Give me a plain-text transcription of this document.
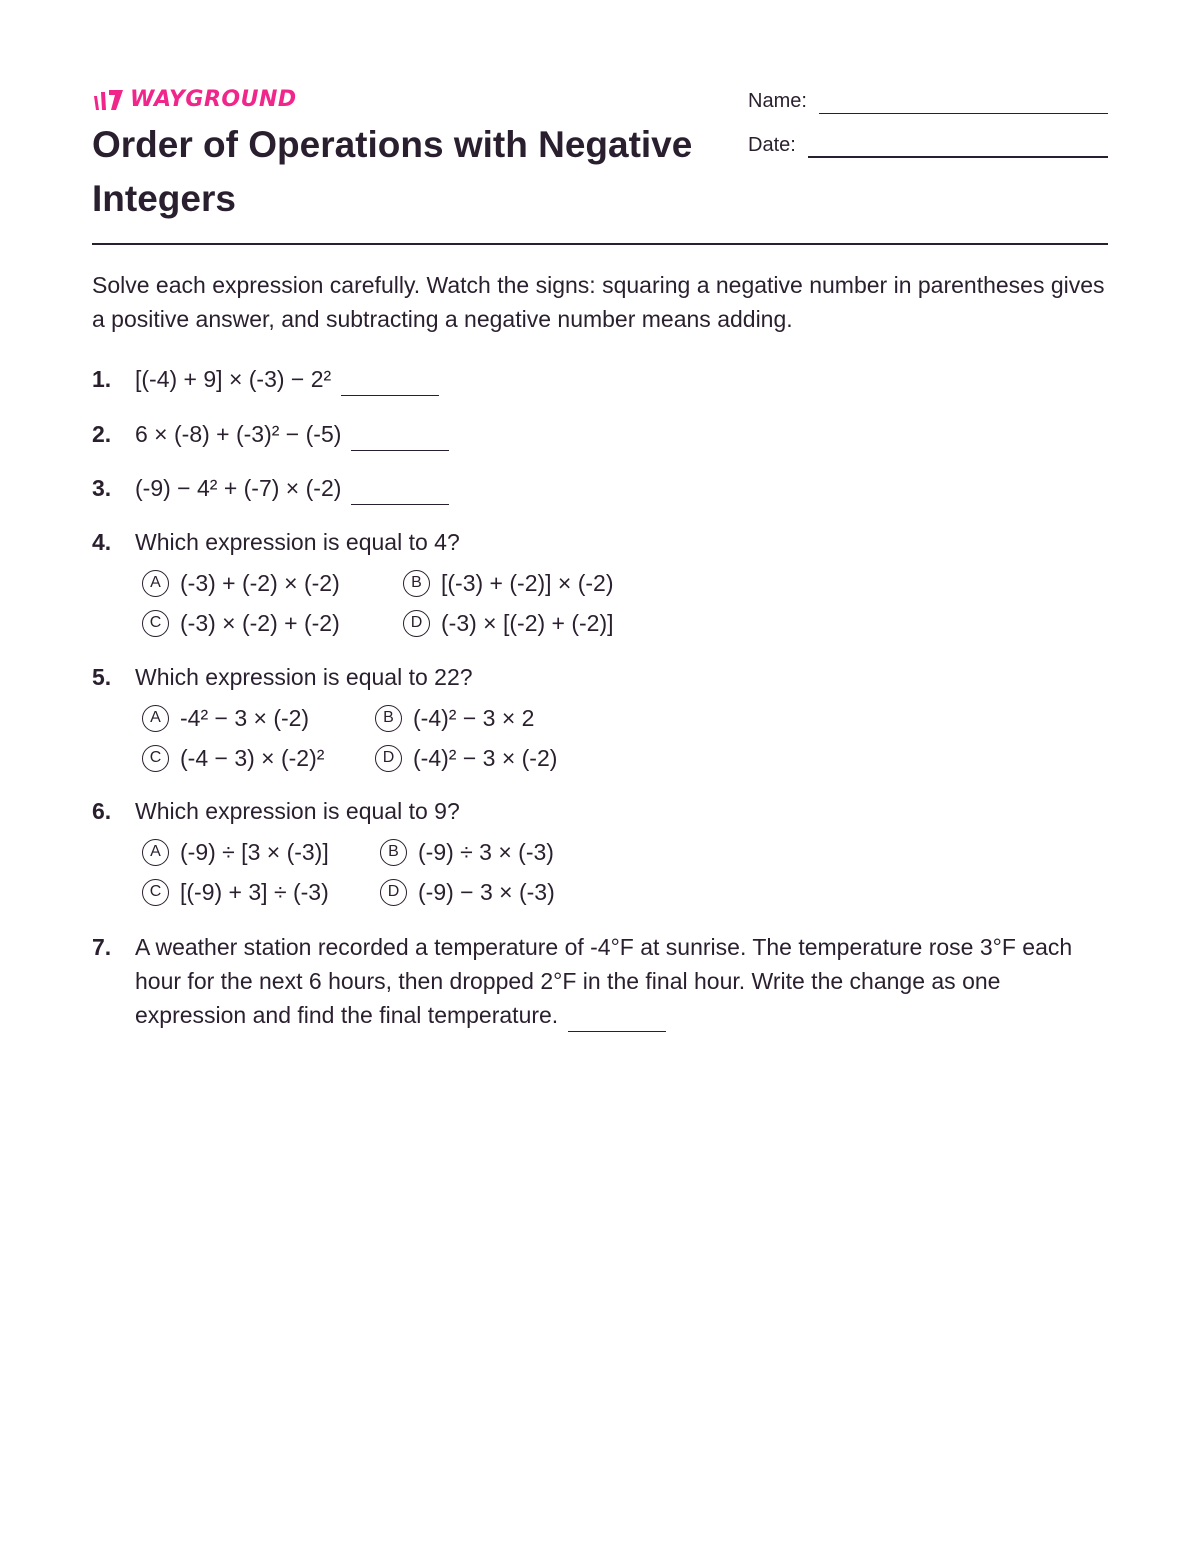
WAYGROUND
Order of Operations with Negative Integers
Name:
Date:

Solve each expression carefully. Watch the signs: squaring a negative number in parentheses gives a positive answer, and subtracting a negative number means adding.

1. [(-4) + 9] × (-3) − 2²
2. 6 × (-8) + (-3)² − (-5)
3. (-9) − 4² + (-7) × (-2)
4. Which expression is equal to 4?
A (-3) + (-2) × (-2)	B [(-3) + (-2)] × (-2)
C (-3) × (-2) + (-2)	D (-3) × [(-2) + (-2)]
5. Which expression is equal to 22?
A -4² − 3 × (-2)	B (-4)² − 3 × 2
C (-4 − 3) × (-2)²	D (-4)² − 3 × (-2)
6. Which expression is equal to 9?
A (-9) ÷ [3 × (-3)]	B (-9) ÷ 3 × (-3)
C [(-9) + 3] ÷ (-3)	D (-9) − 3 × (-3)
7. A weather station recorded a temperature of -4°F at sunrise. The temperature rose 3°F each hour for the next 6 hours, then dropped 2°F in the final hour. Write the change as one expression and find the final temperature.
